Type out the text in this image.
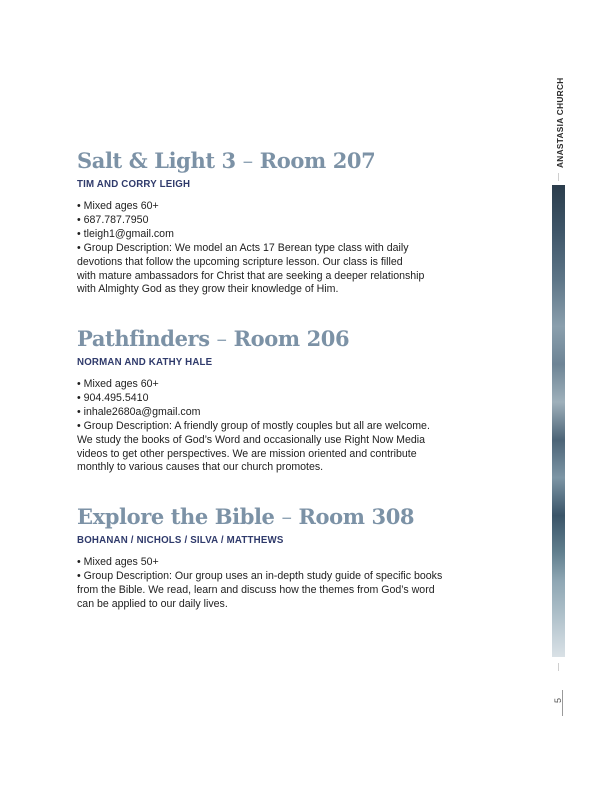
ANASTASIA CHURCH
5
Salt & Light 3 – Room 207

TIM AND CORRY LEIGH

• Mixed ages 60+
• 687.787.7950
• tleigh1@gmail.com
• Group Description: We model an Acts 17 Berean type class with daily
devotions that follow the upcoming scripture lesson. Our class is filled
with mature ambassadors for Christ that are seeking a deeper relationship
with Almighty God as they grow their knowledge of Him.
Pathfinders – Room 206

NORMAN AND KATHY HALE

• Mixed ages 60+
• 904.495.5410
• inhale2680a@gmail.com
• Group Description: A friendly group of mostly couples but all are welcome.
We study the books of God’s Word and occasionally use Right Now Media
videos to get other perspectives. We are mission oriented and contribute
monthly to various causes that our church promotes.
Explore the Bible – Room 308

BOHANAN / NICHOLS / SILVA / MATTHEWS

• Mixed ages 50+
• Group Description: Our group uses an in-depth study guide of specific books
from the Bible. We read, learn and discuss how the themes from God’s word
can be applied to our daily lives.
